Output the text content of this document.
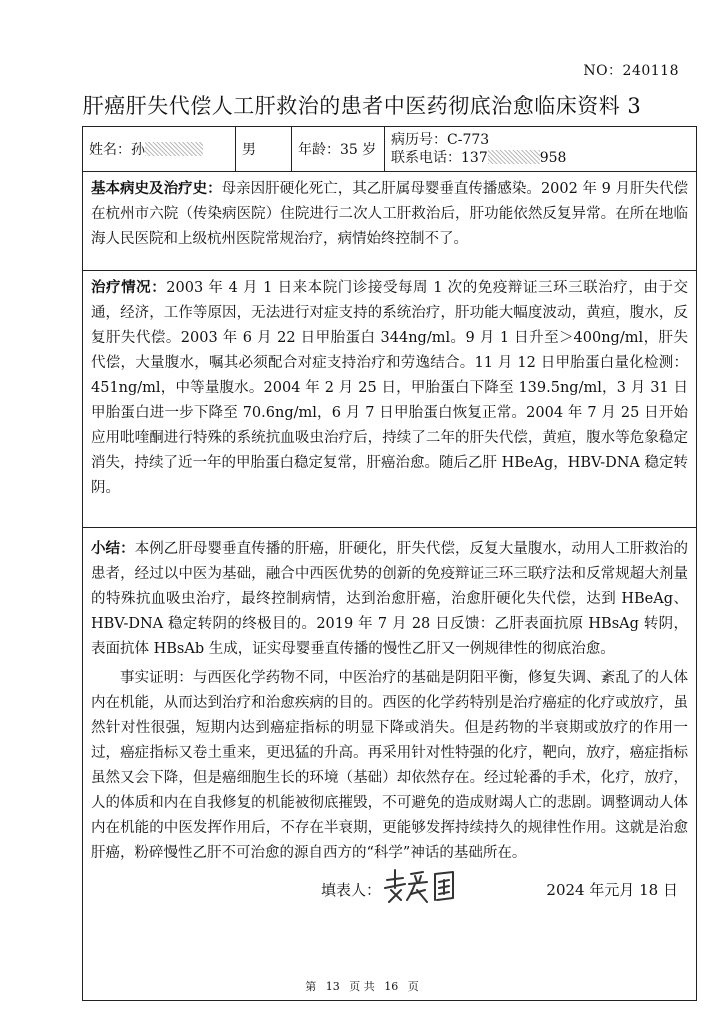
NO：240118
肝癌肝失代偿人工肝救治的患者中医药彻底治愈临床资料 3
姓名：孙	男	年龄：35 岁
病历号：C-773
联系电话：137	958
基本病史及治疗史：母亲因肝硬化死亡，其乙肝属母婴垂直传播感染。2002 年 9 月肝失代偿在杭州市六院（传染病医院）住院进行二次人工肝救治后，肝功能依然反复异常。在所在地临海人民医院和上级杭州医院常规治疗，病情始终控制不了。
治疗情况：2003 年 4 月 1 日来本院门诊接受每周 1 次的免疫辩证三环三联治疗，由于交通，经济，工作等原因，无法进行对症支持的系统治疗，肝功能大幅度波动，黄疸，腹水，反复肝失代偿。2003 年 6 月 22 日甲胎蛋白 344ng/ml。9 月 1 日升至＞400ng/ml，肝失代偿，大量腹水，嘱其必须配合对症支持治疗和劳逸结合。11 月 12 日甲胎蛋白量化检测：451ng/ml，中等量腹水。2004 年 2 月 25 日，甲胎蛋白下降至 139.5ng/ml，3 月 31 日甲胎蛋白进一步下降至 70.6ng/ml，6 月 7 日甲胎蛋白恢复正常。2004 年 7 月 25 日开始应用吡喹酮进行特殊的系统抗血吸虫治疗后，持续了二年的肝失代偿，黄疸，腹水等危象稳定消失，持续了近一年的甲胎蛋白稳定复常，肝癌治愈。随后乙肝 HBeAg，HBV-DNA 稳定转阴。
小结：本例乙肝母婴垂直传播的肝癌，肝硬化，肝失代偿，反复大量腹水，动用人工肝救治的患者，经过以中医为基础，融合中西医优势的创新的免疫辩证三环三联疗法和反常规超大剂量的特殊抗血吸虫治疗，最终控制病情，达到治愈肝癌，治愈肝硬化失代偿，达到 HBeAg、HBV-DNA 稳定转阴的终极目的。2019 年 7 月 28 日反馈：乙肝表面抗原 HBsAg 转阴，表面抗体 HBsAb 生成，证实母婴垂直传播的慢性乙肝又一例规律性的彻底治愈。
事实证明：与西医化学药物不同，中医治疗的基础是阴阳平衡，修复失调、紊乱了的人体内在机能，从而达到治疗和治愈疾病的目的。西医的化学药特别是治疗癌症的化疗或放疗，虽然针对性很强，短期内达到癌症指标的明显下降或消失。但是药物的半衰期或放疗的作用一过，癌症指标又卷土重来，更迅猛的升高。再采用针对性特强的化疗，靶向，放疗，癌症指标虽然又会下降，但是癌细胞生长的环境（基础）却依然存在。经过轮番的手术，化疗，放疗，人的体质和内在自我修复的机能被彻底摧毁，不可避免的造成财竭人亡的悲剧。调整调动人体内在机能的中医发挥作用后，不存在半衰期，更能够发挥持续持久的规律性作用。这就是治愈肝癌，粉碎慢性乙肝不可治愈的源自西方的“科学”神话的基础所在。
填表人：	2024 年元月 18 日
第 13 页 共 16 页
